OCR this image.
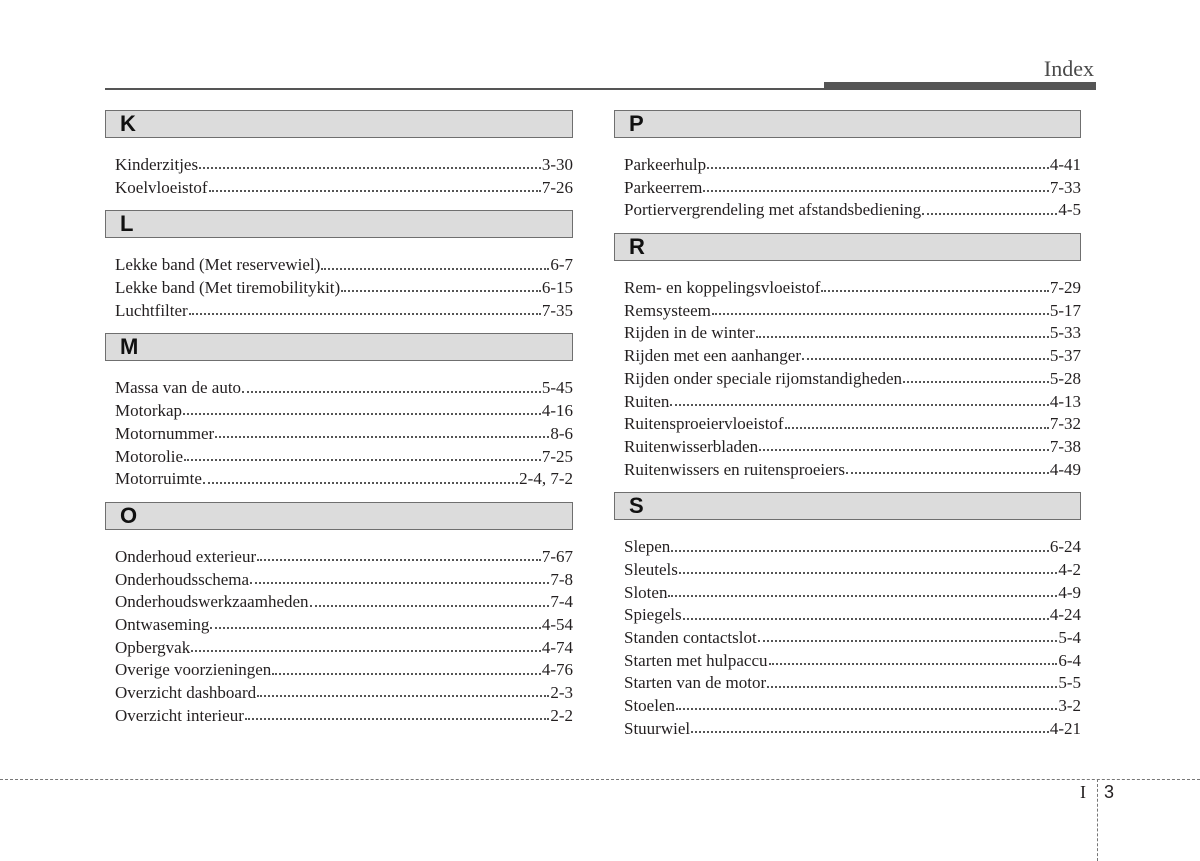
Index
K
Kinderzitjes	3-30
Koelvloeistof	7-26
L
Lekke band (Met reservewiel)	6-7
Lekke band (Met tiremobilitykit)	6-15
Luchtfilter	7-35
M
Massa van de auto	5-45
Motorkap	4-16
Motornummer	8-6
Motorolie	7-25
Motorruimte	2-4, 7-2
O
Onderhoud exterieur	7-67
Onderhoudsschema	7-8
Onderhoudswerkzaamheden	7-4
Ontwaseming	4-54
Opbergvak	4-74
Overige voorzieningen	4-76
Overzicht dashboard	2-3
Overzicht interieur	2-2
P
Parkeerhulp	4-41
Parkeerrem	7-33
Portiervergrendeling met afstandsbediening	4-5
R
Rem- en koppelingsvloeistof	7-29
Remsysteem	5-17
Rijden in de winter	5-33
Rijden met een aanhanger	5-37
Rijden onder speciale rijomstandigheden	5-28
Ruiten	4-13
Ruitensproeiervloeistof	7-32
Ruitenwisserbladen	7-38
Ruitenwissers en ruitensproeiers	4-49
S
Slepen	6-24
Sleutels	4-2
Sloten	4-9
Spiegels	4-24
Standen contactslot	5-4
Starten met hulpaccu	6-4
Starten van de motor	5-5
Stoelen	3-2
Stuurwiel	4-21
I 3
